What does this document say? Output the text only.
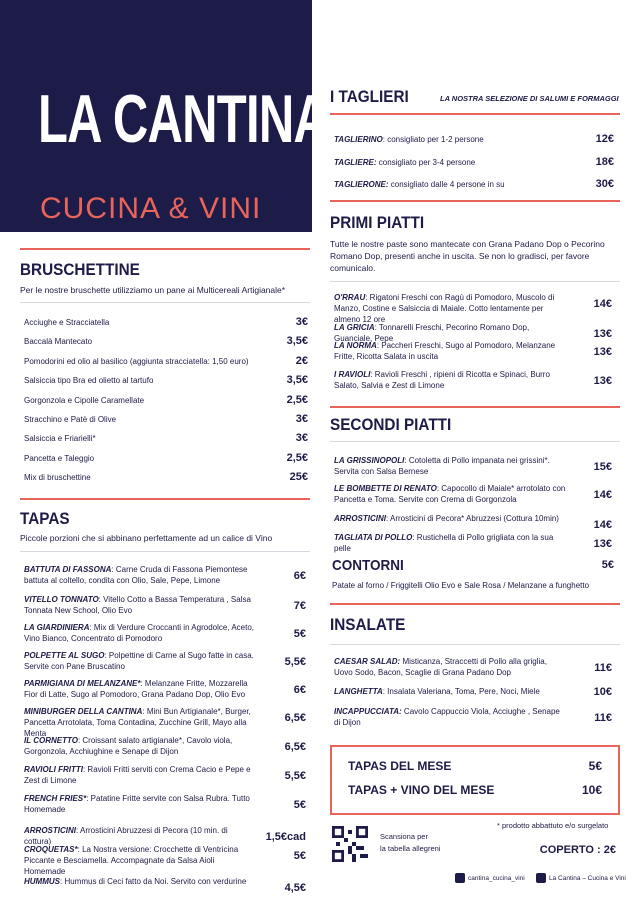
LA CANTINA
CUCINA & VINI
BRUSCHETTINE
Per le nostre bruschette utilizziamo un pane ai Multicereali Artigianale*
Acciughe e Stracciatella	3€
Baccalà Mantecato	3,5€
Pomodorini ed olio al basilico (aggiunta stracciatella: 1,50 euro)	2€
Salsiccia tipo Bra ed olietto al tartufo	3,5€
Gorgonzola e Cipolle Caramellate	2,5€
Stracchino e Patè di Olive	3€
Salsiccia e Friarielli*	3€
Pancetta e Taleggio	2,5€
Mix di bruschettine	25€
TAPAS
Piccole porzioni che si abbinano perfettamente ad un calice di Vino
BATTUTA DI FASSONA: Carne Cruda di Fassona Piemontese battuta al coltello, condita con Olio, Sale, Pepe, Limone	6€
VITELLO TONNATO: Vitello Cotto a Bassa Temperatura , Salsa Tonnata New School, Olio Evo	7€
LA GIARDINIERA: Mix di Verdure Croccanti in Agrodolce, Aceto, Vino Bianco, Concentrato di Pomodoro	5€
POLPETTE AL SUGO: Polpettine di Carne al Sugo fatte in casa. Servite con Pane Bruscatino	5,5€
PARMIGIANA DI MELANZANE*: Melanzane Fritte, Mozzarella Fior di Latte, Sugo al Pomodoro, Grana Padano Dop, Olio Evo	6€
MINIBURGER DELLA CANTINA: Mini Bun Artigianale*, Burger, Pancetta Arrotolata, Toma Contadina, Zucchine Grill, Mayo alla Menta
6,5€
IL CORNETTO: Croissant salato artigianale*, Cavolo viola, Gorgonzola, Acchiughine e Senape di Dijon	6,5€
RAVIOLI FRITTI: Ravioli Fritti serviti con Crema Cacio e Pepe e Zest di Limone	5,5€
FRENCH FRIES*: Patatine Fritte servite con Salsa Rubra. Tutto Homemade	5€
ARROSTICINI: Arrosticini Abruzzesi di Pecora (10 min. di cottura)	1,5€cad
CROQUETAS*: La Nostra versione: Crocchette di Ventricina Piccante e Besciamella. Accompagnate da Salsa Aioli Homemade
5€
HUMMUS: Hummus di Ceci fatto da Noi. Servito con verdurine
4,5€
I TAGLIERI	LA NOSTRA SELEZIONE DI SALUMI E FORMAGGI
TAGLIERINO: consigliato per 1-2 persone	12€
TAGLIERE: consigliato per 3-4 persone	18€
TAGLIERONE: consigliato dalle 4 persone in su	30€
PRIMI PIATTI
Tutte le nostre paste sono mantecate con Grana Padano Dop o Pecorino Romano Dop, presenti anche in uscita. Se non lo gradisci, per favore comunicalo.
O'RRAU: Rigatoni Freschi con Ragù di Pomodoro, Muscolo di Manzo, Costine e Salsiccia di Maiale. Cotto lentamente per almeno 12 ore
14€
LA GRICIA: Tonnarelli Freschi, Pecorino Romano Dop, Guanciale, Pepe	13€
LA NORMA: Paccheri Freschi, Sugo al Pomodoro, Melanzane Fritte, Ricotta Salata in uscita	13€
I RAVIOLI: Ravioli Freschi , ripieni di Ricotta e Spinaci, Burro Salato, Salvia e Zest di Limone	13€
SECONDI PIATTI
LA GRISSINOPOLI: Cotoletta di Pollo impanata nei grissini*. Servita con Salsa Bernese	15€
LE BOMBETTE DI RENATO: Capocollo di Maiale* arrotolato con Pancetta e Toma. Servite con Crema di Gorgonzola	14€
ARROSTICINI: Arrosticini di Pecora* Abruzzesi (Cottura 10min)
14€
TAGLIATA DI POLLO: Rustichella di Pollo grigliata con la sua pelle	13€
CONTORNI	5€
Patate al forno / Friggitelli Olio Evo e Sale Rosa / Melanzane a funghetto
INSALATE
CAESAR SALAD: Misticanza, Straccetti di Pollo alla griglia, Uovo Sodo, Bacon, Scaglie di Grana Padano Dop	11€
LANGHETTA: Insalata Valeriana, Toma, Pere, Noci, Miele	10€
INCAPPUCCIATA: Cavolo Cappuccio Viola, Acciughe , Senape di Dijon	11€
TAPAS DEL MESE	5€
TAPAS + VINO DEL MESE	10€
* prodotto abbattuto e/o surgelato
Scansiona per
la tabella allegreni	COPERTO : 2€
cantina_cucina_vini	La Cantina – Cucina e Vini
